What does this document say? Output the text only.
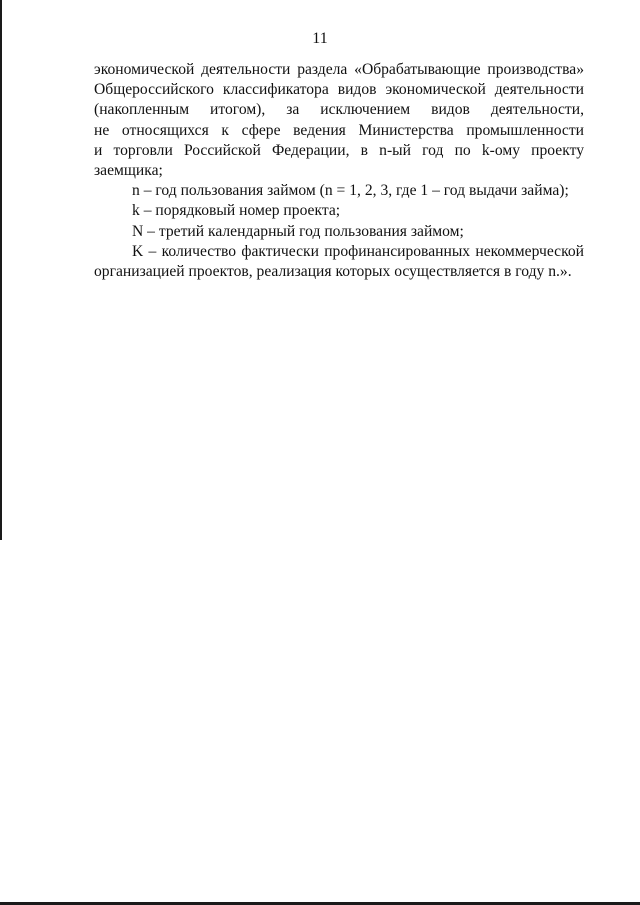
11

экономической деятельности раздела «Обрабатывающие производства»
Общероссийского классификатора видов экономической деятельности
(накопленным итогом), за исключением видов деятельности,
не относящихся к сфере ведения Министерства промышленности
и торговли Российской Федерации, в n-ый год по k-ому проекту заемщика;

n – год пользования займом (n = 1, 2, 3, где 1 – год выдачи займа);

k – порядковый номер проекта;

N – третий календарный год пользования займом;

K – количество фактически профинансированных некоммерческой
организацией проектов, реализация которых осуществляется в году n.».
